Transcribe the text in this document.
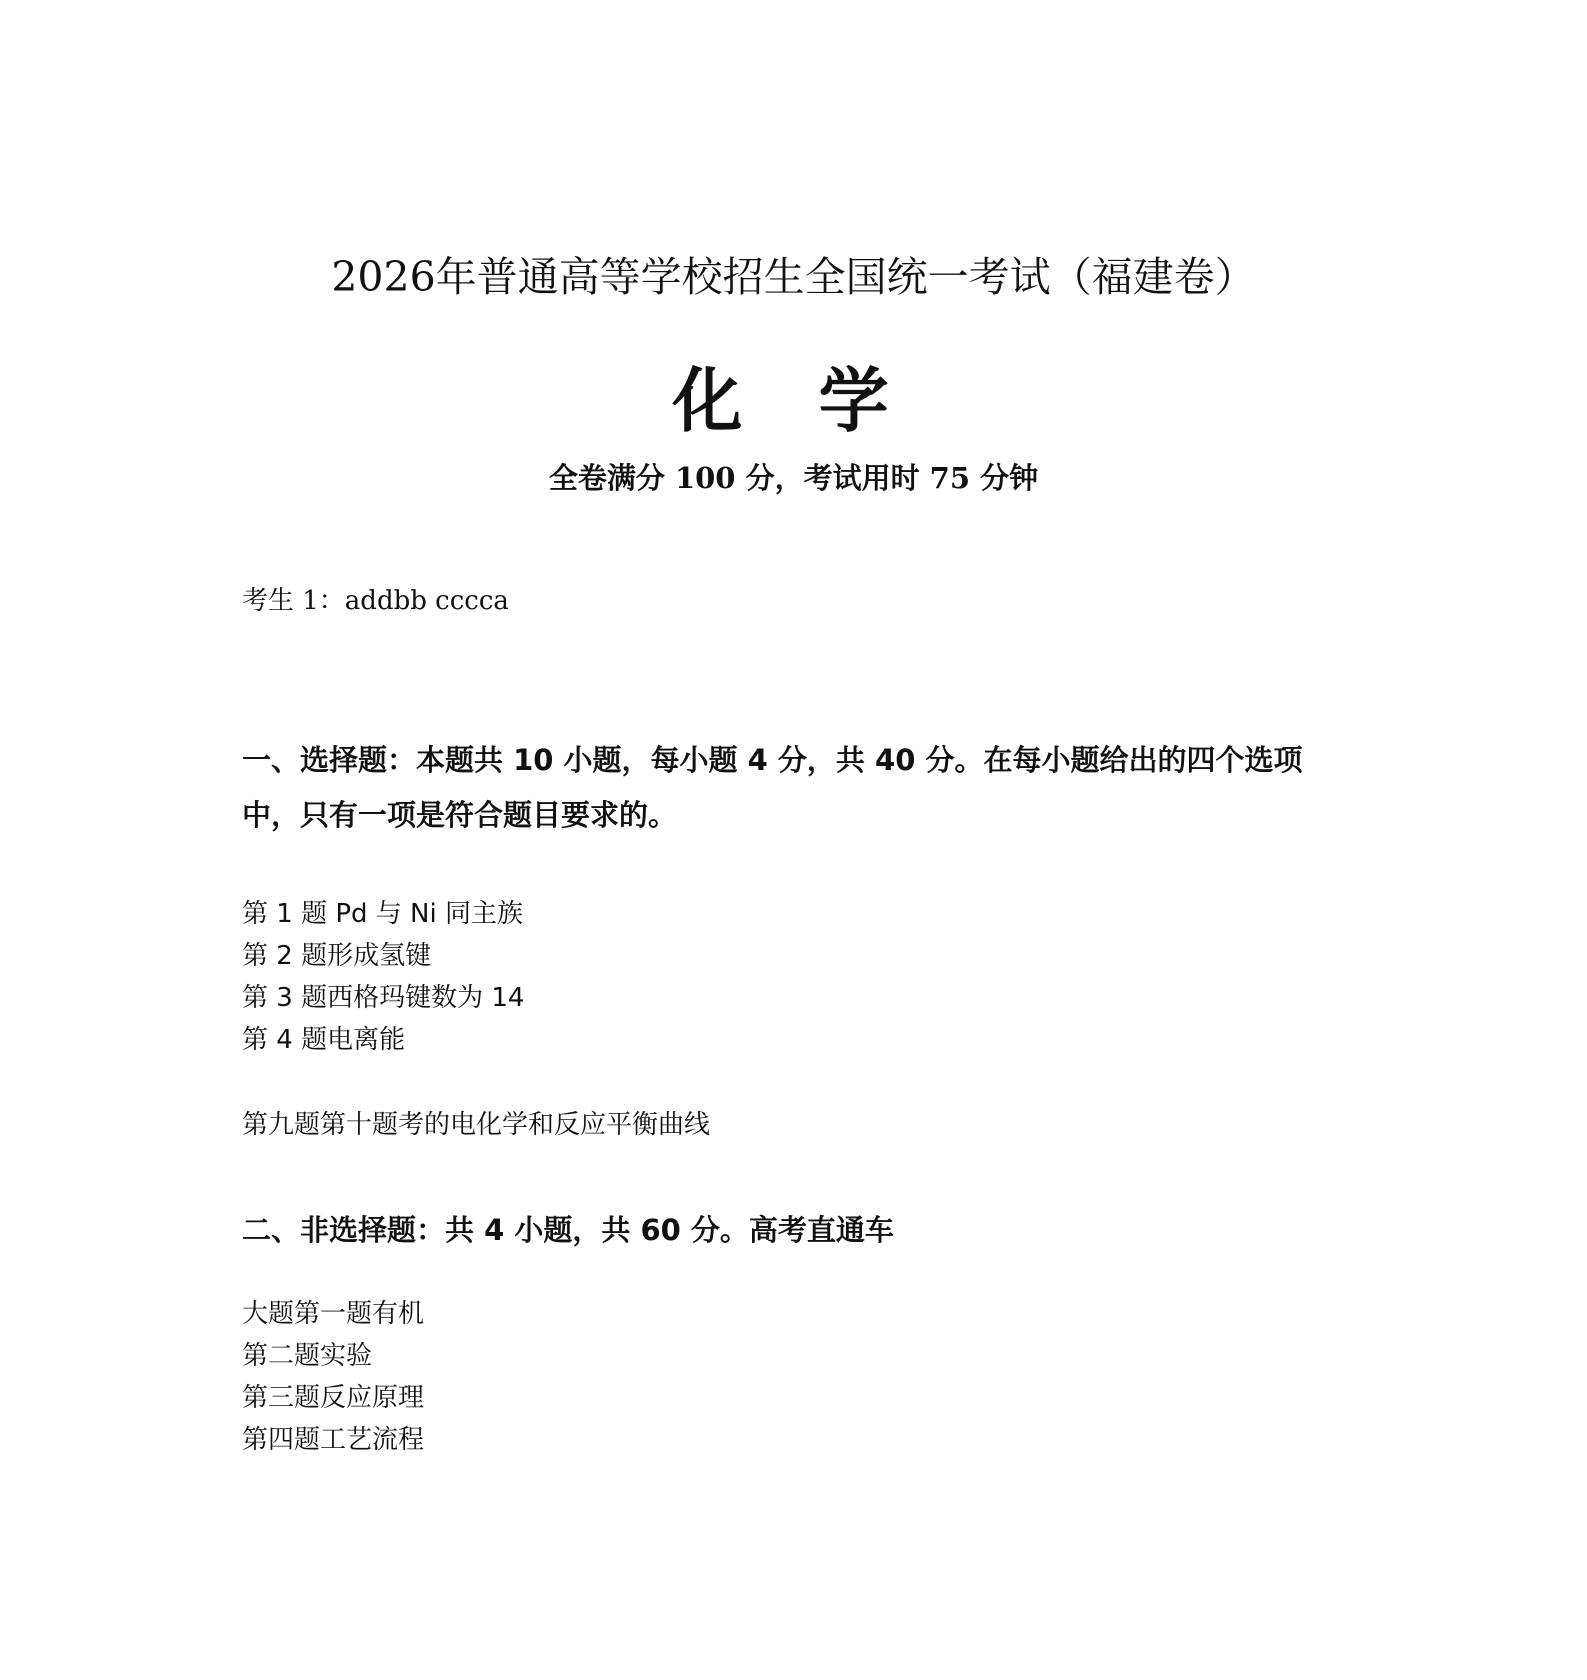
2026年普通高等学校招生全国统一考试（福建卷）
化 学
全卷满分 100 分，考试用时 75 分钟
考生 1：addbb ccccа
一、选择题：本题共 10 小题，每小题 4 分，共 40 分。在每小题给出的四个选项中，只有一项是符合题目要求的。
第 1 题 Pd 与 Ni 同主族
第 2 题形成氢键
第 3 题西格玛键数为 14
第 4 题电离能
第九题第十题考的电化学和反应平衡曲线
二、非选择题：共 4 小题，共 60 分。高考直通车
大题第一题有机
第二题实验
第三题反应原理
第四题工艺流程
